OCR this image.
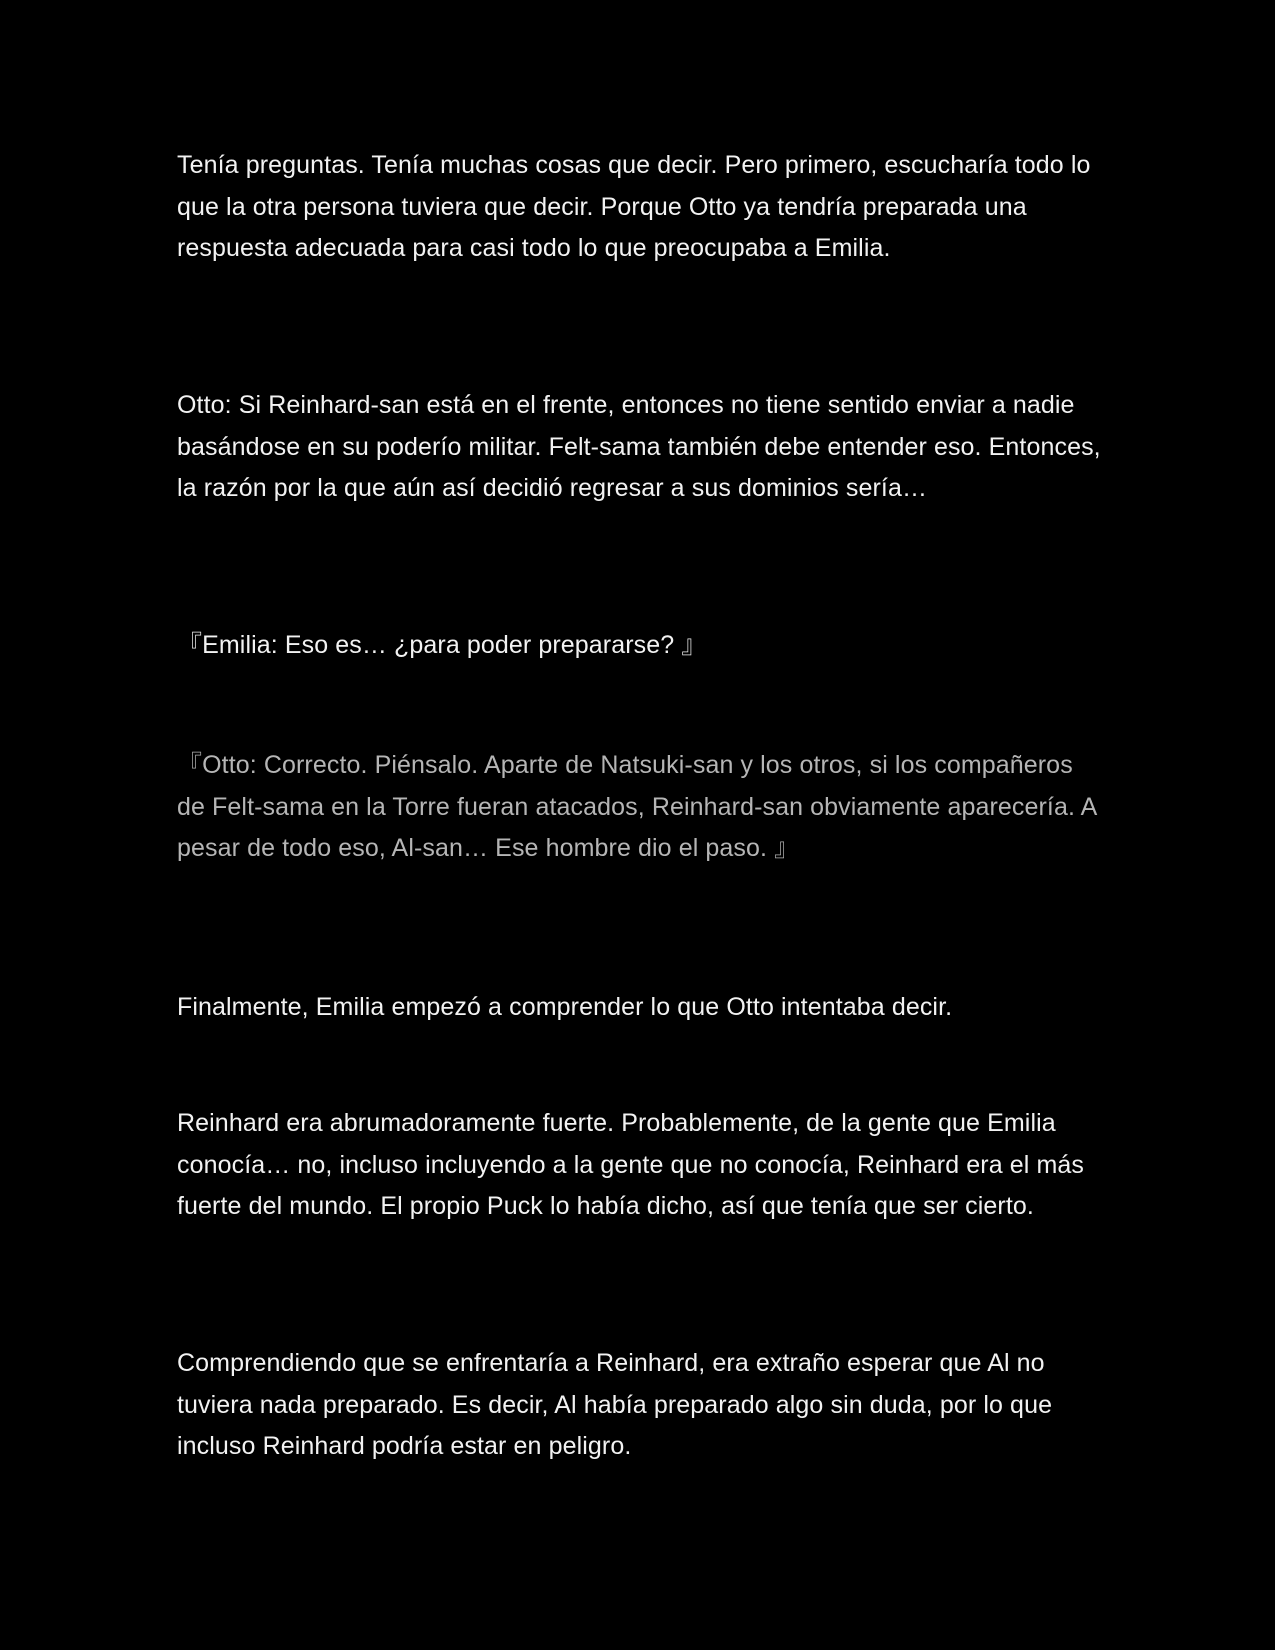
Tenía preguntas. Tenía muchas cosas que decir. Pero primero, escucharía todo lo que la otra persona tuviera que decir. Porque Otto ya tendría preparada una respuesta adecuada para casi todo lo que preocupaba a Emilia.

Otto: Si Reinhard-san está en el frente, entonces no tiene sentido enviar a nadie basándose en su poderío militar. Felt-sama también debe entender eso. Entonces, la razón por la que aún así decidió regresar a sus dominios sería…

『Emilia: Eso es… ¿para poder prepararse? 』

『Otto: Correcto. Piénsalo. Aparte de Natsuki-san y los otros, si los compañeros de Felt-sama en la Torre fueran atacados, Reinhard-san obviamente aparecería. A pesar de todo eso, Al-san… Ese hombre dio el paso. 』

Finalmente, Emilia empezó a comprender lo que Otto intentaba decir.

Reinhard era abrumadoramente fuerte. Probablemente, de la gente que Emilia conocía… no, incluso incluyendo a la gente que no conocía, Reinhard era el más fuerte del mundo. El propio Puck lo había dicho, así que tenía que ser cierto.

Comprendiendo que se enfrentaría a Reinhard, era extraño esperar que Al no tuviera nada preparado. Es decir, Al había preparado algo sin duda, por lo que incluso Reinhard podría estar en peligro.
